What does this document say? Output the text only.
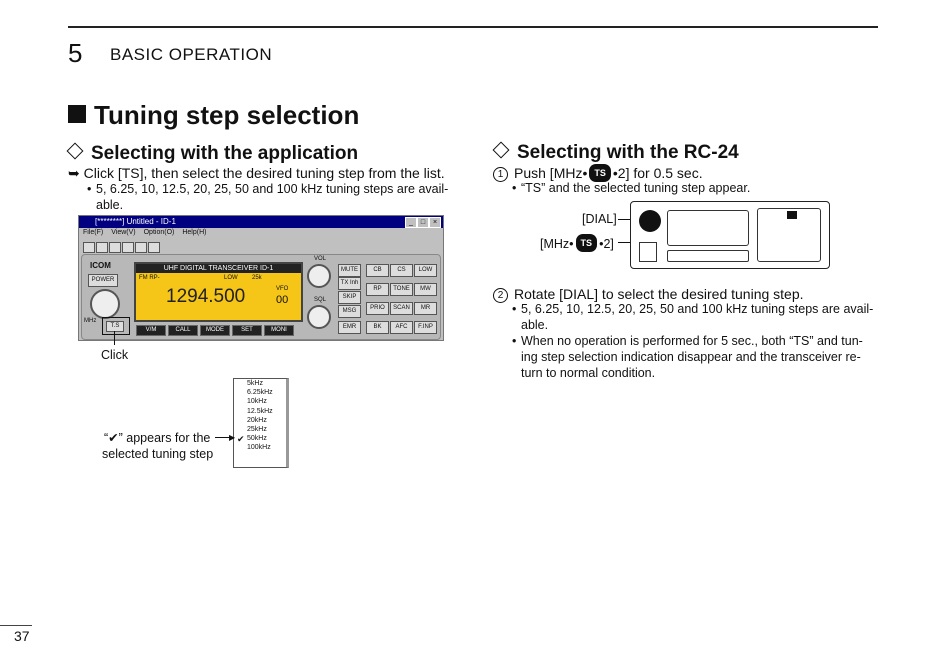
5 BASIC OPERATION
Tuning step selection
Selecting with the application
➥ Click [TS], then select the desired tuning step from the list.
• 5, 6.25, 10, 12.5, 20, 25, 50 and 100 kHz tuning steps are avail-
able.
[********] Untitled - ID-1	_	□	×
File(F) View(V) Option(O) Help(H)
ICOM
POWER
MHz
T.S
UHF DIGITAL TRANSCEIVER ID-1
FM RP-	LOW 25k
1294.500	VFO
00
V/M	CALL	MODE	SET	MONI
VOL
SQL
MUTE
TX Inh
SKIP
MSG
EMR
CB	CS	LOW
RP	TONE	MW
PRIO	SCAN	MR
BK	AFC	F.INP
Click
5kHz
6.25kHz
10kHz
12.5kHz
20kHz
25kHz
50kHz
100kHz
✔
“✔” appears for the ▶
selected tuning step
Selecting with the RC-24
1 Push [MHz• TS •2] for 0.5 sec.
• “TS” and the selected tuning step appear.
[DIAL]
[MHz• TS •2]
2 Rotate [DIAL] to select the desired tuning step.
• 5, 6.25, 10, 12.5, 20, 25, 50 and 100 kHz tuning steps are avail-
able.
• When no operation is performed for 5 sec., both “TS” and tun-
ing step selection indication disappear and the transceiver re-
turn to normal condition.
37
